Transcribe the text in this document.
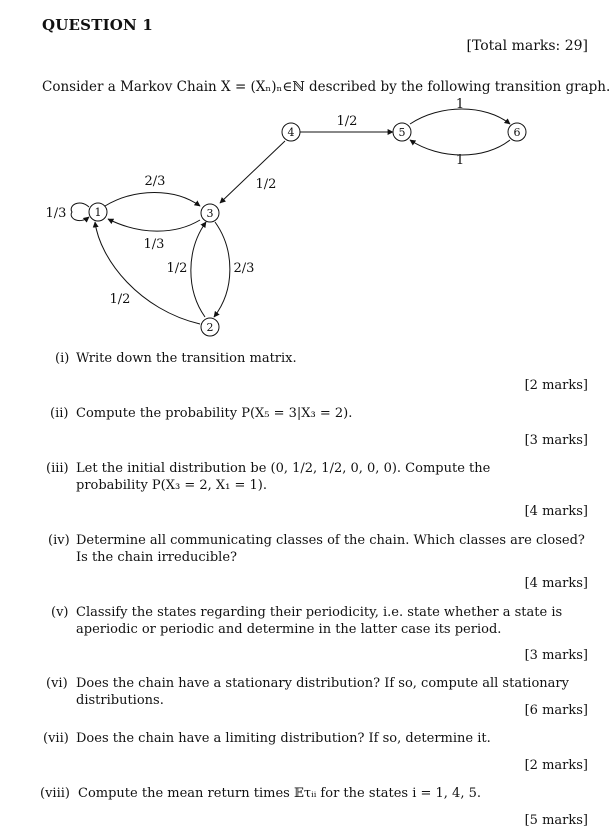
QUESTION 1
[Total marks: 29]
Consider a Markov Chain X = (Xₙ)ₙ∈ℕ described by the following transition graph.
1
2
3
4	5	6
1
1
1/2
1/2
2/3
1/3
1/3
2/3
1/2
1/2
(i) Write down the transition matrix.
[2 marks]
(ii) Compute the probability P(X₅ = 3|X₃ = 2).
[3 marks]
(iii) Let the initial distribution be (0, 1/2, 1/2, 0, 0, 0). Compute the probability P(X₃ = 2, X₁ = 1).
[4 marks]
(iv) Determine all communicating classes of the chain. Which classes are closed? Is the chain irreducible?
[4 marks]
(v) Classify the states regarding their periodicity, i.e. state whether a state is aperiodic or periodic and determine in the latter case its period.
[3 marks]
(vi) Does the chain have a stationary distribution? If so, compute all stationary distributions.
[6 marks]
(vii) Does the chain have a limiting distribution? If so, determine it.
[2 marks]
(viii) Compute the mean return times 𝔼τᵢᵢ for the states i = 1, 4, 5.
[5 marks]
